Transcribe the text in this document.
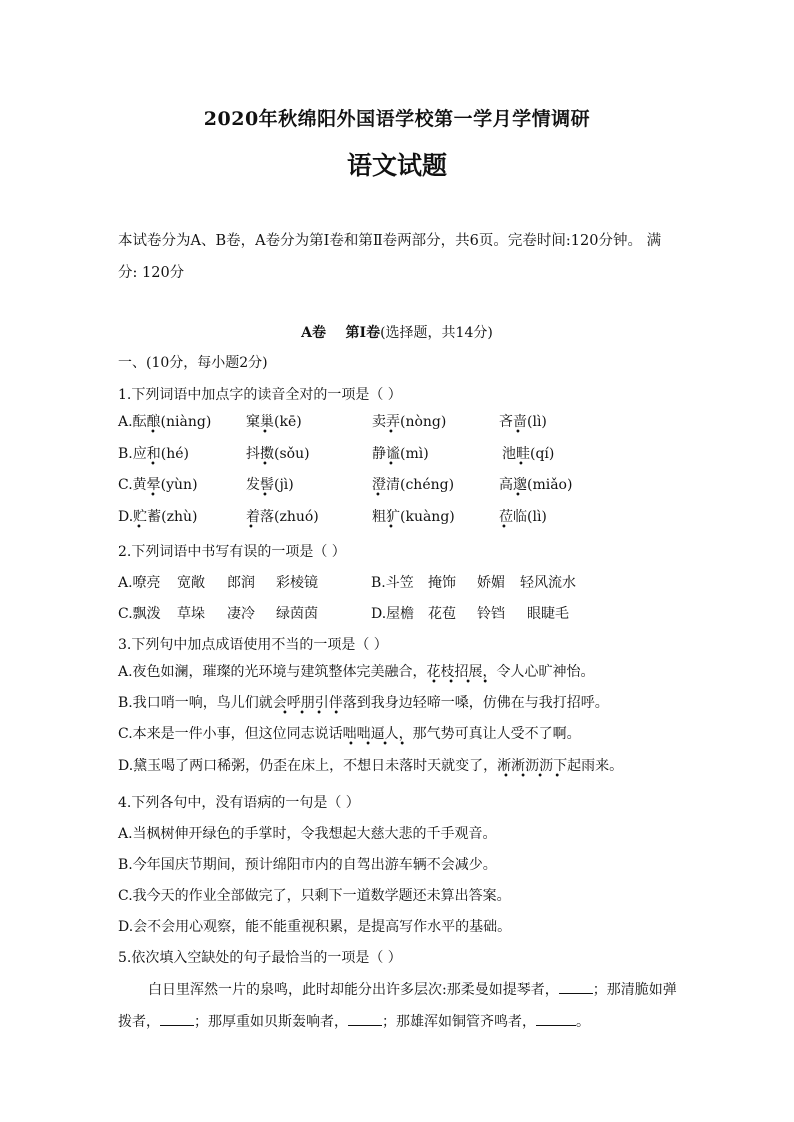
2020年秋绵阳外国语学校第一学月学情调研
语文试题
本试卷分为A、B卷，A卷分为第Ⅰ卷和第Ⅱ卷两部分，共6页。完卷时间:120分钟。 满
分: 120分
A卷    第Ⅰ卷(选择题，共14分)
一、(10分，每小题2分)
1.下列词语中加点字的读音全对的一项是（ ）
A.酝酿(niàng) 窠巢(kē)	卖弄(nòng)	吝啬(lì)
B.应和(hé)	抖擞(sǒu)	静谧(mì)	池畦(qí)
C.黄晕(yùn)	发髻(jì)	澄清(chéng)	高邈(miǎo)
D.贮蓄(zhù)	着落(zhuó)	粗犷(kuàng)	莅临(lì)
•	•	•	•
•	•	•	•
•	•	•	•
•	•	•	•
2.下列词语中书写有误的一项是（ ）
A.嘹亮 宽敞 郎润 彩棱镜	B.斗笠 掩饰 娇媚 轻风流水
C.飘泼 草垛 凄冷 绿茵茵	D.屋檐 花苞 铃铛 眼睫毛
3.下列句中加点成语使用不当的一项是（ ）
A.夜色如澜，璀璨的光环境与建筑整体完美融合，花枝招展，令人心旷神怡。
B.我口哨一响，鸟儿们就会呼朋引伴落到我身边轻啼一嗓，仿佛在与我打招呼。
C.本来是一件小事，但这位同志说话咄咄逼人，那气势可真让人受不了啊。
D.黛玉喝了两口稀粥，仍歪在床上，不想日未落时天就变了，淅淅沥沥下起雨来。
• • • •
• • • •
• • • •
• • • •
4.下列各句中，没有语病的一句是（ ）
A.当枫树伸开绿色的手掌时，令我想起大慈大悲的千手观音。
B.今年国庆节期间，预计绵阳市内的自驾出游车辆不会减少。
C.我今天的作业全部做完了，只剩下一道数学题还未算出答案。
D.会不会用心观察，能不能重视积累，是提高写作水平的基础。
5.依次填入空缺处的句子最恰当的一项是（ ）
白日里浑然一片的泉鸣，此时却能分出许多层次:那柔曼如提琴者， ；那清脆如弹
拨者， ；那厚重如贝斯轰响者， ；那雄浑如铜管齐鸣者，	。
